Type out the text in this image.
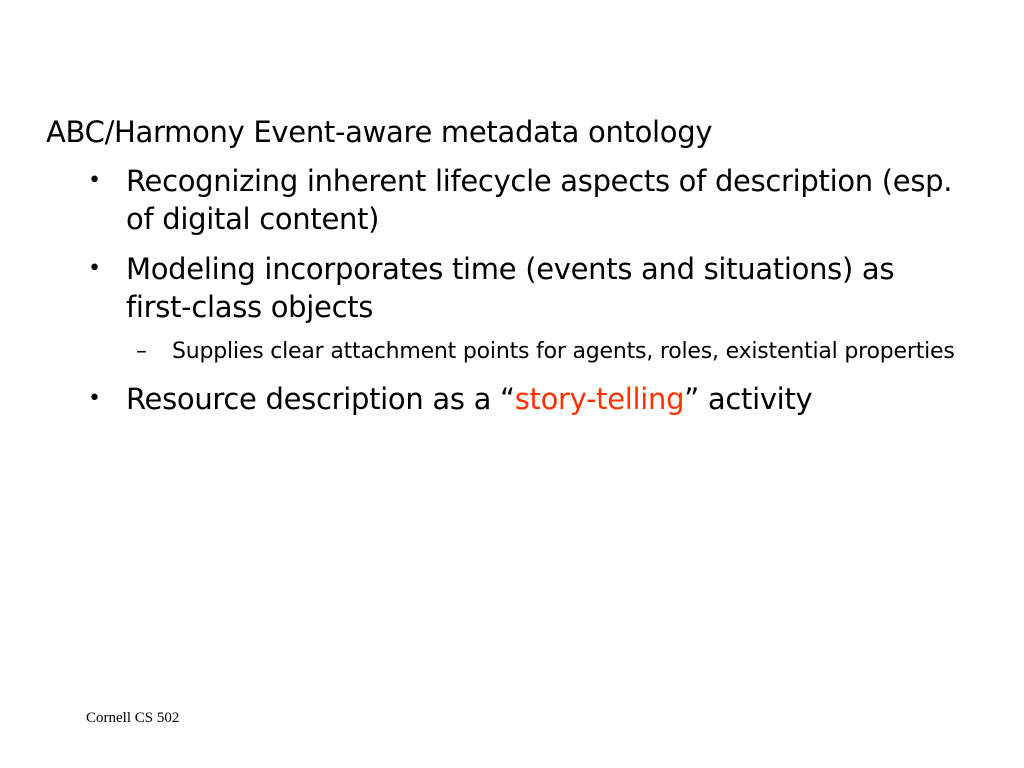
ABC/Harmony Event-aware metadata ontology
• Recognizing inherent lifecycle aspects of description (esp. of digital content)
• Modeling incorporates time (events and situations) as first-class objects
–	Supplies clear attachment points for agents, roles, existential properties
• Resource description as a “story-telling” activity
Cornell CS 502
